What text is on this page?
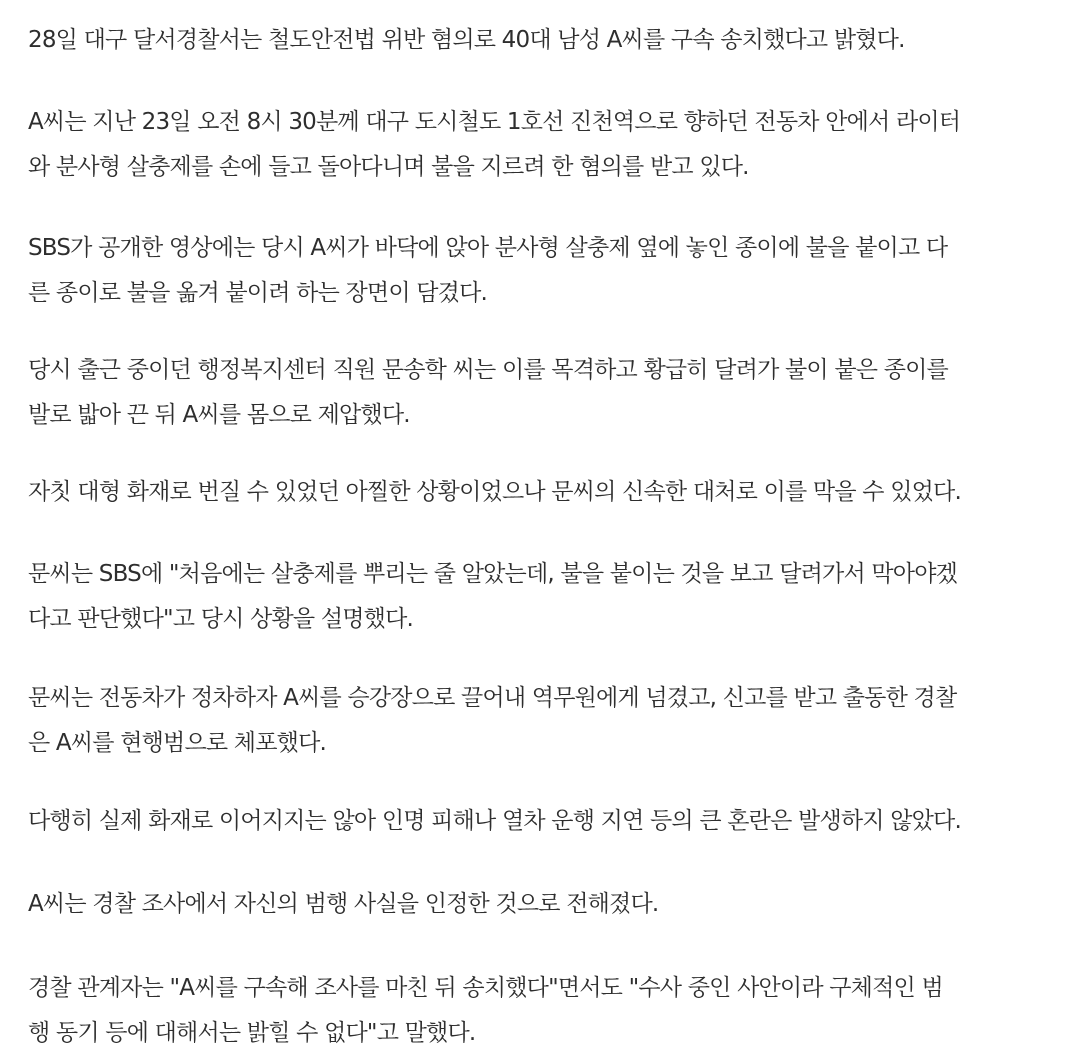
28일 대구 달서경찰서는 철도안전법 위반 혐의로 40대 남성 A씨를 구속 송치했다고 밝혔다.

A씨는 지난 23일 오전 8시 30분께 대구 도시철도 1호선 진천역으로 향하던 전동차 안에서 라이터
와 분사형 살충제를 손에 들고 돌아다니며 불을 지르려 한 혐의를 받고 있다.

SBS가 공개한 영상에는 당시 A씨가 바닥에 앉아 분사형 살충제 옆에 놓인 종이에 불을 붙이고 다
른 종이로 불을 옮겨 붙이려 하는 장면이 담겼다.

당시 출근 중이던 행정복지센터 직원 문송학 씨는 이를 목격하고 황급히 달려가 불이 붙은 종이를
발로 밟아 끈 뒤 A씨를 몸으로 제압했다.

자칫 대형 화재로 번질 수 있었던 아찔한 상황이었으나 문씨의 신속한 대처로 이를 막을 수 있었다.

문씨는 SBS에 "처음에는 살충제를 뿌리는 줄 알았는데, 불을 붙이는 것을 보고 달려가서 막아야겠
다고 판단했다"고 당시 상황을 설명했다.

문씨는 전동차가 정차하자 A씨를 승강장으로 끌어내 역무원에게 넘겼고, 신고를 받고 출동한 경찰
은 A씨를 현행범으로 체포했다.

다행히 실제 화재로 이어지지는 않아 인명 피해나 열차 운행 지연 등의 큰 혼란은 발생하지 않았다.

A씨는 경찰 조사에서 자신의 범행 사실을 인정한 것으로 전해졌다.

경찰 관계자는 "A씨를 구속해 조사를 마친 뒤 송치했다"면서도 "수사 중인 사안이라 구체적인 범
행 동기 등에 대해서는 밝힐 수 없다"고 말했다.
